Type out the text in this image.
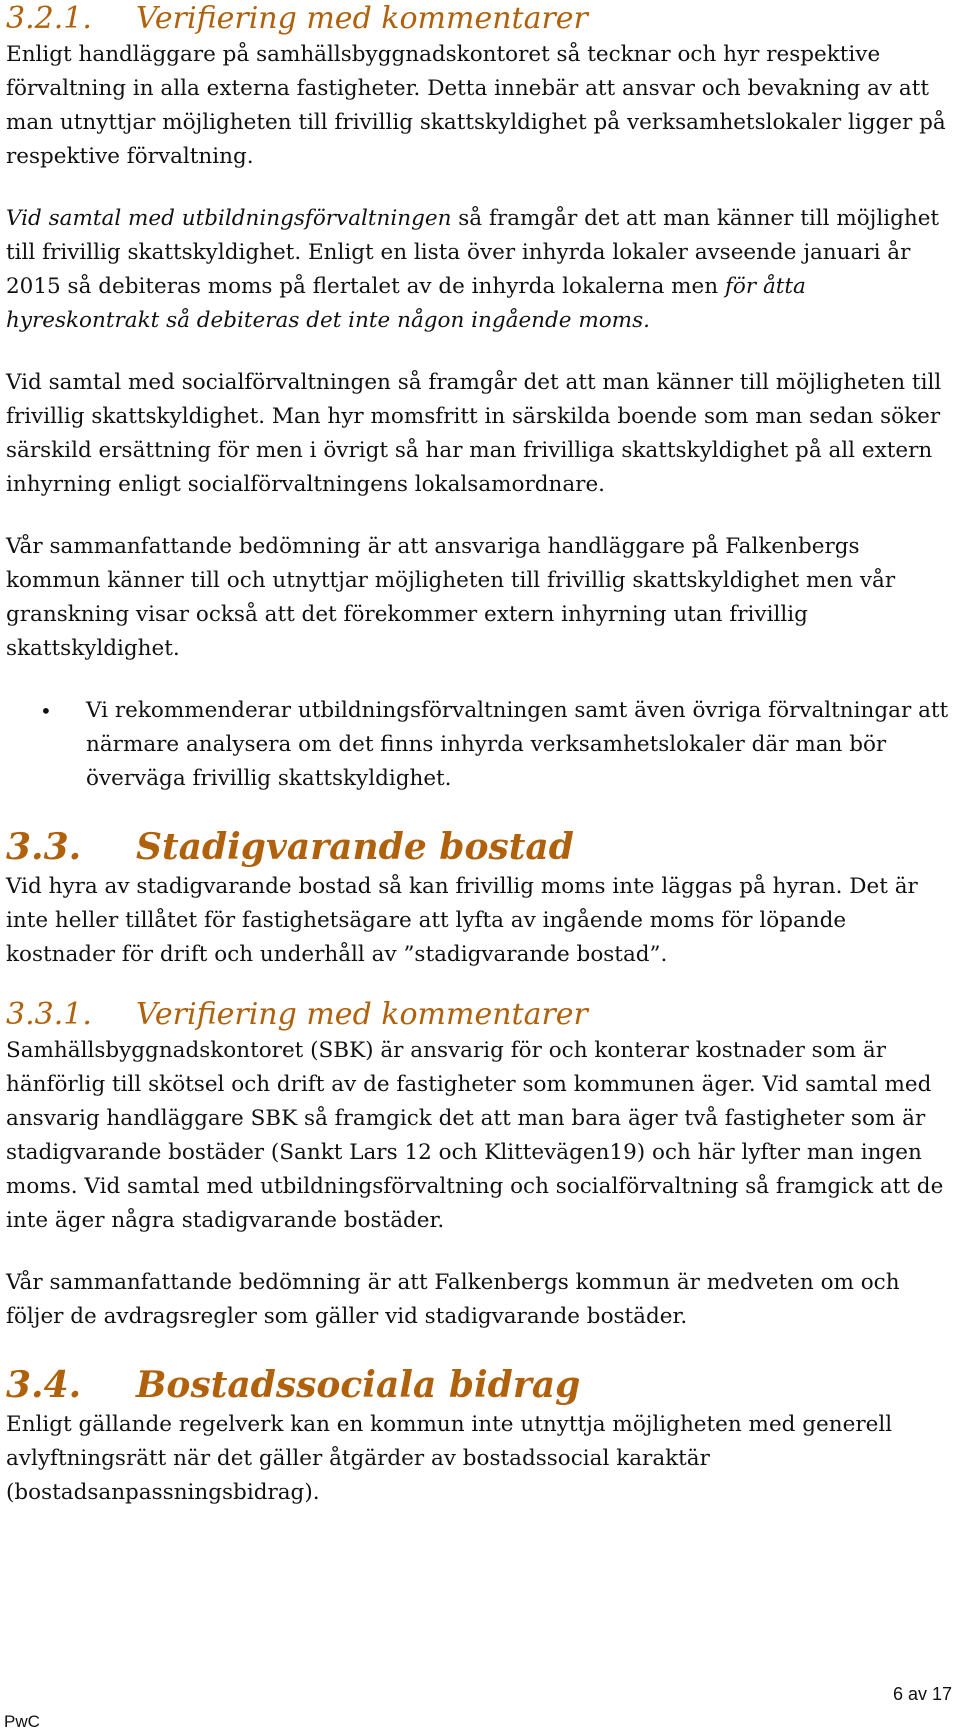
3.2.1. Verifiering med kommentarer

Enligt handläggare på samhällsbyggnadskontoret så tecknar och hyr respektive förvaltning in alla externa fastigheter. Detta innebär att ansvar och bevakning av att man utnyttjar möjligheten till frivillig skattskyldighet på verksamhetslokaler ligger på respektive förvaltning.

Vid samtal med utbildningsförvaltningen så framgår det att man känner till möjlighet till frivillig skattskyldighet. Enligt en lista över inhyrda lokaler avseende januari år 2015 så debiteras moms på flertalet av de inhyrda lokalerna men för åtta hyreskontrakt så debiteras det inte någon ingående moms.

Vid samtal med socialförvaltningen så framgår det att man känner till möjligheten till frivillig skattskyldighet. Man hyr momsfritt in särskilda boende som man sedan söker särskild ersättning för men i övrigt så har man frivilliga skattskyldighet på all extern inhyrning enligt socialförvaltningens lokalsamordnare.

Vår sammanfattande bedömning är att ansvariga handläggare på Falkenbergs kommun känner till och utnyttjar möjligheten till frivillig skattskyldighet men vår granskning visar också att det förekommer extern inhyrning utan frivillig skattskyldighet.

•	Vi rekommenderar utbildningsförvaltningen samt även övriga förvaltningar att närmare analysera om det finns inhyrda verksamhetslokaler där man bör överväga frivillig skattskyldighet.

3.3. Stadigvarande bostad

Vid hyra av stadigvarande bostad så kan frivillig moms inte läggas på hyran. Det är inte heller tillåtet för fastighetsägare att lyfta av ingående moms för löpande kostnader för drift och underhåll av ”stadigvarande bostad”.

3.3.1. Verifiering med kommentarer

Samhällsbyggnadskontoret (SBK) är ansvarig för och konterar kostnader som är hänförlig till skötsel och drift av de fastigheter som kommunen äger. Vid samtal med ansvarig handläggare SBK så framgick det att man bara äger två fastigheter som är stadigvarande bostäder (Sankt Lars 12 och Klittevägen19) och här lyfter man ingen moms. Vid samtal med utbildningsförvaltning och socialförvaltning så framgick att de inte äger några stadigvarande bostäder.

Vår sammanfattande bedömning är att Falkenbergs kommun är medveten om och följer de avdragsregler som gäller vid stadigvarande bostäder.

3.4. Bostadssociala bidrag

Enligt gällande regelverk kan en kommun inte utnyttja möjligheten med generell avlyftningsrätt när det gäller åtgärder av bostadssocial karaktär (bostadsanpassningsbidrag).

PwC
6 av 17
